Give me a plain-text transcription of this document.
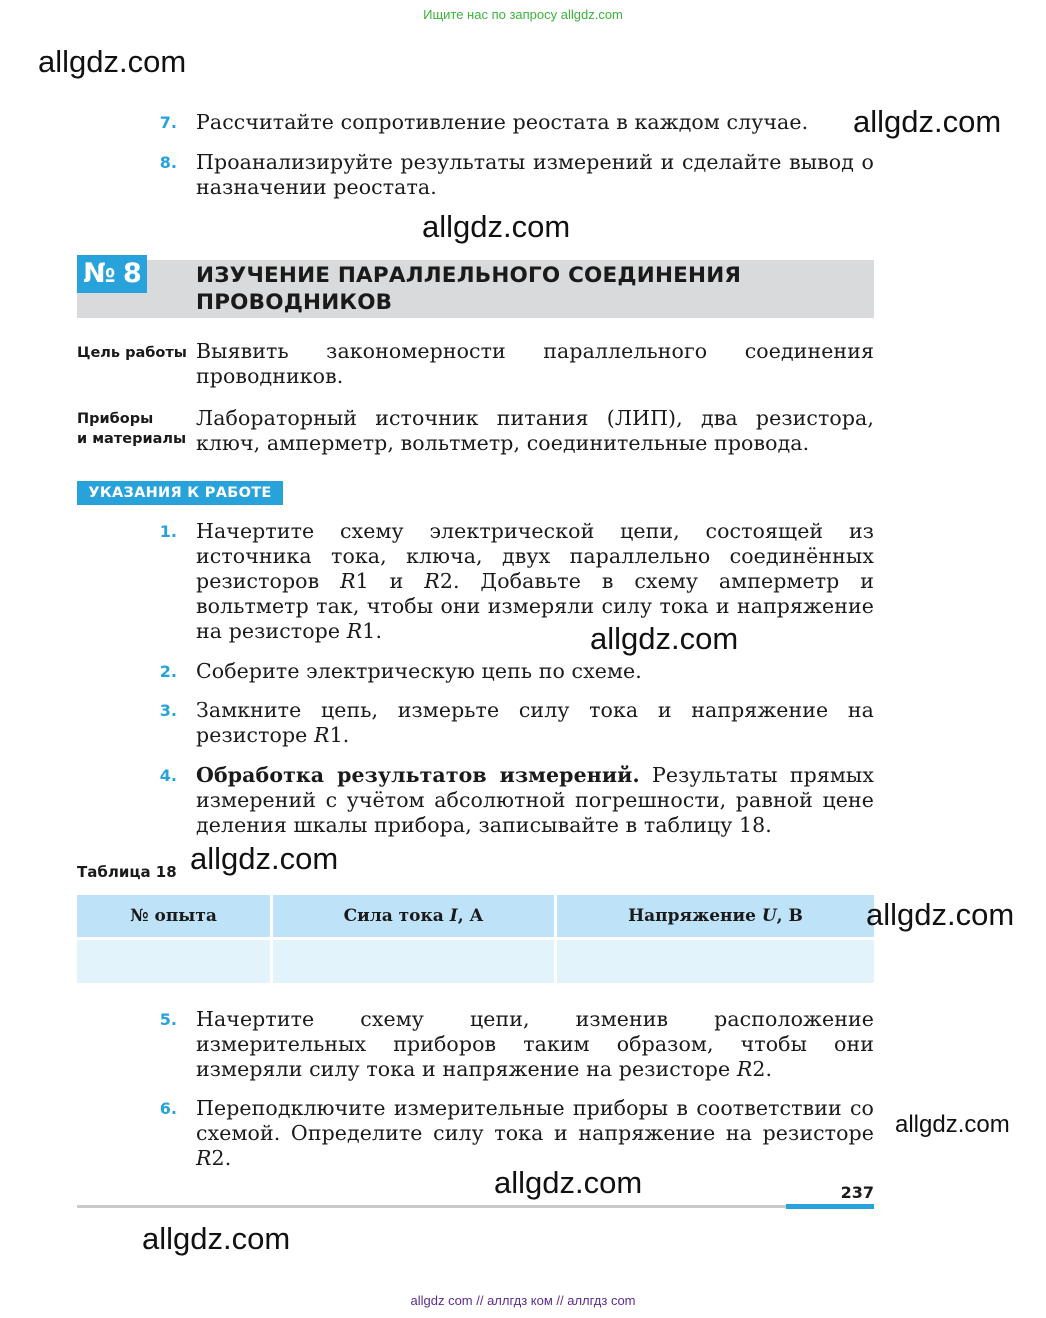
Ищите нас по запросу allgdz.com
allgdz.com
7. Рассчитайте сопротивление реостата в каждом случае.	allgdz.com
8. Проанализируйте результаты измерений и сделайте вывод о назначении реостата.
allgdz.com
№ 8	ИЗУЧЕНИЕ ПАРАЛЛЕЛЬНОГО СОЕДИНЕНИЯ ПРОВОДНИКОВ
Цель работы Выявить закономерности параллельного соединения проводников.
Приборы
и материалы
Лабораторный источник питания (ЛИП), два резистора, ключ, амперметр, вольтметр, соединительные провода.
УКАЗАНИЯ К РАБОТЕ
1. Начертите схему электрической цепи, состоящей из источника тока, ключа, двух параллельно соединённых резисторов R1 и R2. Добавьте в схему амперметр и вольтметр так, чтобы они измеряли силу тока и напряжение на резисторе R1.	allgdz.com
2. Соберите электрическую цепь по схеме.
3. Замкните цепь, измерьте силу тока и напряжение на резисторе R1.
4. Обработка результатов измерений. Результаты прямых измерений с учётом абсолютной погрешности, равной цене деления шкалы прибора, записывайте в таблицу 18.
Таблица 18 allgdz.com
№ опыта	Сила тока I, А	Напряжение U, В	allgdz.com
5. Начертите схему цепи, изменив расположение измерительных приборов таким образом, чтобы они измеряли силу тока и напряжение на резисторе R2.
6. Переподключите измерительные приборы в соответствии со схемой. Определите силу тока и напряжение на резисторе R2.
allgdz.com
allgdz.com	237
allgdz.com
allgdz com // аллгдз ком // аллгдз com
